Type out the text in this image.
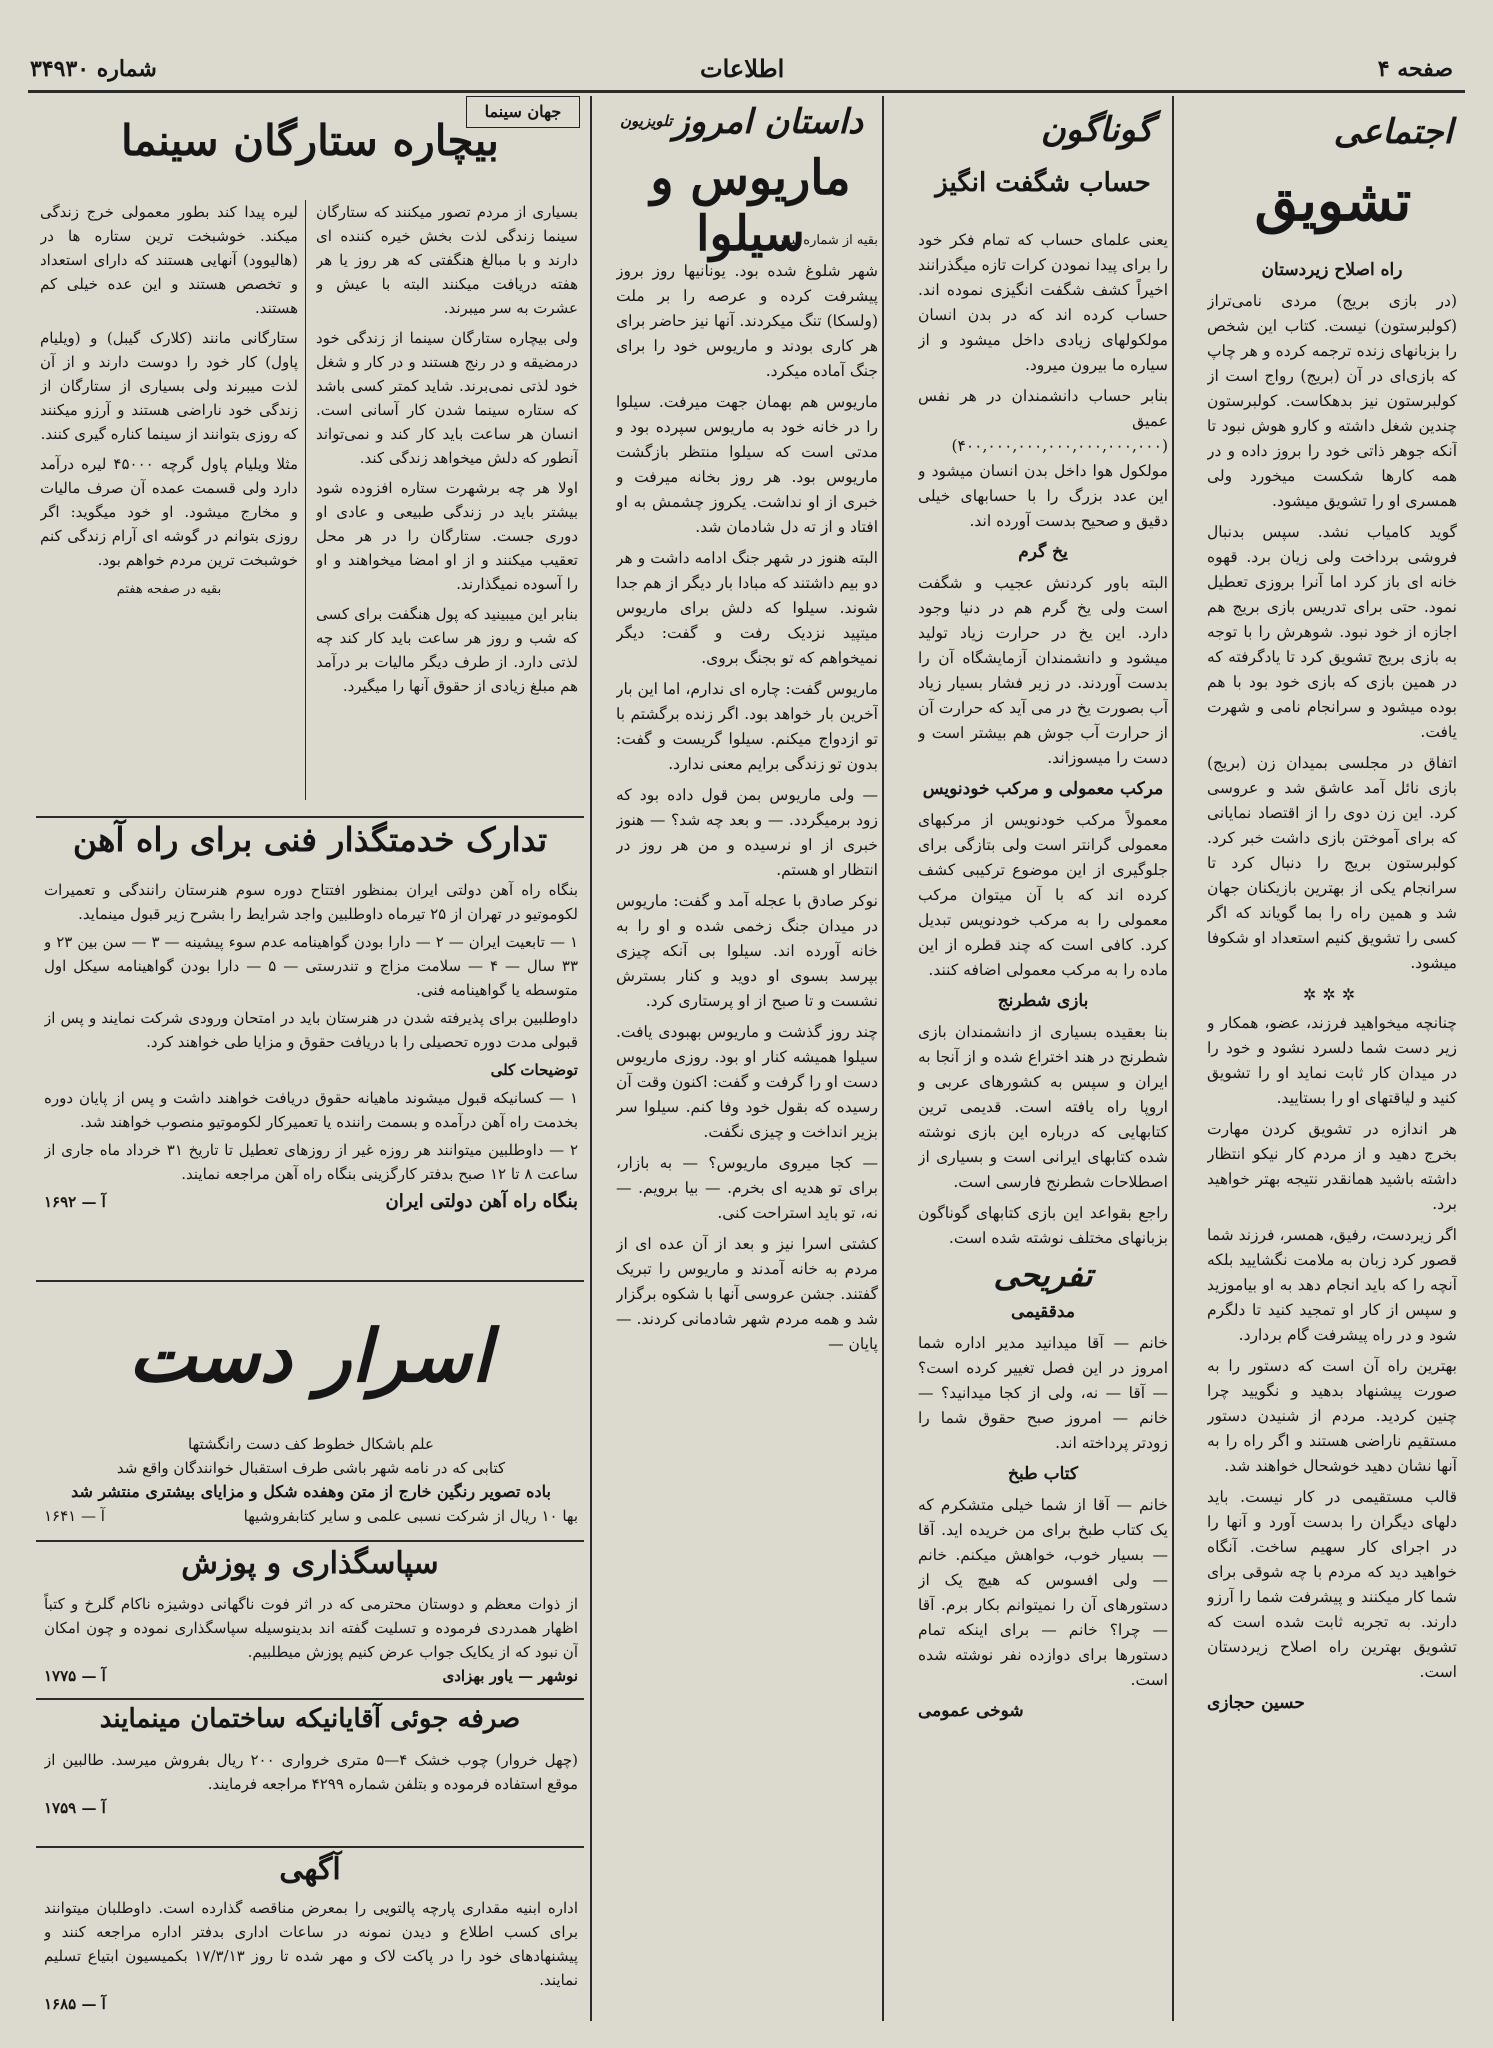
صفحه ۴
اطلاعات
شماره ۳۴۹۳۰
اجتماعی
تشویق
راه اصلاح زیردستان

(در بازی بریج) مردی نامی‌تراز (کولبرستون) نیست. کتاب این شخص را بزبانهای زنده ترجمه کرده و هر چاپ که بازی‌ای در آن (بریج) رواج است از کولبرستون نیز بدهکاست. کولبرستون چندین شغل داشته و کارو هوش نبود تا آنکه جوهر ذاتی خود را بروز داده و در همه کارها شکست میخورد ولی همسری او را تشویق میشود.

گوید کامیاب نشد. سپس بدنبال فروشی برداخت ولی زیان برد. قهوه خانه ای باز کرد اما آنرا بروزی تعطیل نمود. حتی برای تدریس بازی بریج هم اجازه از خود نبود. شوهرش را با توجه به بازی بریج تشویق کرد تا یادگرفته که در همین بازی که بازی خود بود با هم بوده میشود و سرانجام نامی و شهرت یافت.

اتفاق در مجلسی بمیدان زن (بریج) بازی نائل آمد عاشق شد و عروسی کرد. این زن دوی را از اقتصاد نمایانی که برای آموختن بازی داشت خبر کرد. کولبرستون بریج را دنبال کرد تا سرانجام یکی از بهترین بازیکنان جهان شد و همین راه را بما گویاند که اگر کسی را تشویق کنیم استعداد او شکوفا میشود.

✲✲✲

چنانچه میخواهید فرزند، عضو، همکار و زیر دست شما دلسرد نشود و خود را در میدان کار ثابت نماید او را تشویق کنید و لیاقتهای او را بستایید.

هر اندازه در تشویق کردن مهارت بخرج دهید و از مردم کار نیکو انتظار داشته باشید همانقدر نتیجه بهتر خواهید برد.

اگر زیردست، رفیق، همسر، فرزند شما قصور کرد زبان به ملامت نگشایید بلکه آنچه را که باید انجام دهد به او بیاموزید و سپس از کار او تمجید کنید تا دلگرم شود و در راه پیشرفت گام بردارد.

بهترین راه آن است که دستور را به صورت پیشنهاد بدهید و نگویید چرا چنین کردید. مردم از شنیدن دستور مستقیم ناراضی هستند و اگر راه را به آنها نشان دهید خوشحال خواهند شد.

قالب مستقیمی در کار نیست. باید دلهای دیگران را بدست آورد و آنها را در اجرای کار سهیم ساخت. آنگاه خواهید دید که مردم با چه شوقی برای شما کار میکنند و پیشرفت شما را آرزو دارند. به تجربه ثابت شده است که تشویق بهترین راه اصلاح زیردستان است.

حسین حجازی

گوناگون
حساب شگفت انگیز

یعنی علمای حساب که تمام فکر خود را برای پیدا نمودن کرات تازه میگذرانند اخیراً کشف شگفت انگیزی نموده اند. حساب کرده اند که در بدن انسان مولکولهای زیادی داخل میشود و از سیاره ما بیرون میرود.

بنابر حساب دانشمندان در هر نفس عمیق (۴۰۰,۰۰۰,۰۰۰,۰۰۰,۰۰۰,۰۰۰,۰۰۰) مولکول هوا داخل بدن انسان میشود و این عدد بزرگ را با حسابهای خیلی دقیق و صحیح بدست آورده اند.

یخ گرم

البته باور کردنش عجیب و شگفت است ولی یخ گرم هم در دنیا وجود دارد. این یخ در حرارت زیاد تولید میشود و دانشمندان آزمایشگاه آن را بدست آوردند. در زیر فشار بسیار زیاد آب بصورت یخ در می آید که حرارت آن از حرارت آب جوش هم بیشتر است و دست را میسوزاند.

مرکب معمولی و مرکب خودنویس

معمولاً مرکب خودنویس از مرکبهای معمولی گرانتر است ولی بتازگی برای جلوگیری از این موضوع ترکیبی کشف کرده اند که با آن میتوان مرکب معمولی را به مرکب خودنویس تبدیل کرد. کافی است که چند قطره از این ماده را به مرکب معمولی اضافه کنند.

بازی شطرنج

بنا بعقیده بسیاری از دانشمندان بازی شطرنج در هند اختراع شده و از آنجا به ایران و سپس به کشورهای عربی و اروپا راه یافته است. قدیمی ترین کتابهایی که درباره این بازی نوشته شده کتابهای ایرانی است و بسیاری از اصطلاحات شطرنج فارسی است.

راجع بقواعد این بازی کتابهای گوناگون بزبانهای مختلف نوشته شده است.

تفریحی
مدققیمی

خانم — آقا میدانید مدیر اداره شما امروز در این فصل تغییر کرده است؟ — آقا — نه، ولی از کجا میدانید؟ — خانم — امروز صبح حقوق شما را زودتر پرداخته اند.

کتاب طبخ

خانم — آقا از شما خیلی متشکرم که یک کتاب طبخ برای من خریده اید. آقا — بسیار خوب، خواهش میکنم. خانم — ولی افسوس که هیچ یک از دستورهای آن را نمیتوانم بکار برم. آقا — چرا؟ خانم — برای اینکه تمام دستورها برای دوازده نفر نوشته شده است.

شوخی عمومی

داستان امروز
تلویزیون
ماریوس و سیلوا

بقیه از شماره پیش

شهر شلوغ شده بود. یونانیها روز بروز پیشرفت کرده و عرصه را بر ملت (ولسکا) تنگ میکردند. آنها نیز حاضر برای هر کاری بودند و ماریوس خود را برای جنگ آماده میکرد.

ماریوس هم بهمان جهت میرفت. سیلوا را در خانه خود به ماریوس سپرده بود و مدتی است که سیلوا منتظر بازگشت ماریوس بود. هر روز بخانه میرفت و خبری از او نداشت. یکروز چشمش به او افتاد و از ته دل شادمان شد.

البته هنوز در شهر جنگ ادامه داشت و هر دو بیم داشتند که مبادا بار دیگر از هم جدا شوند. سیلوا که دلش برای ماریوس میتپید نزدیک رفت و گفت: دیگر نمیخواهم که تو بجنگ بروی.

ماریوس گفت: چاره ای ندارم، اما این بار آخرین بار خواهد بود. اگر زنده برگشتم با تو ازدواج میکنم. سیلوا گریست و گفت: بدون تو زندگی برایم معنی ندارد.

— ولی ماریوس بمن قول داده بود که زود برمیگردد. — و بعد چه شد؟ — هنوز خبری از او نرسیده و من هر روز در انتظار او هستم.

نوکر صادق با عجله آمد و گفت: ماریوس در میدان جنگ زخمی شده و او را به خانه آورده اند. سیلوا بی آنکه چیزی بپرسد بسوی او دوید و کنار بسترش نشست و تا صبح از او پرستاری کرد.

چند روز گذشت و ماریوس بهبودی یافت. سیلوا همیشه کنار او بود. روزی ماریوس دست او را گرفت و گفت: اکنون وقت آن رسیده که بقول خود وفا کنم. سیلوا سر بزیر انداخت و چیزی نگفت.

— کجا میروی ماریوس؟ — به بازار، برای تو هدیه ای بخرم. — بیا برویم. — نه، تو باید استراحت کنی.

کشتی اسرا نیز و بعد از آن عده ای از مردم به خانه آمدند و ماریوس را تبریک گفتند. جشن عروسی آنها با شکوه برگزار شد و همه مردم شهر شادمانی کردند. — پایان —

جهان سینما
بیچاره ستارگان سینما

بسیاری از مردم تصور میکنند که ستارگان سینما زندگی لذت بخش خیره کننده ای دارند و با مبالغ هنگفتی که هر روز یا هر هفته دریافت میکنند البته با عیش و عشرت به سر میبرند.

ولی بیچاره ستارگان سینما از زندگی خود درمضیقه و در رنج هستند و در کار و شغل خود لذتی نمی‌برند. شاید کمتر کسی باشد که ستاره سینما شدن کار آسانی است. انسان هر ساعت باید کار کند و نمی‌تواند آنطور که دلش میخواهد زندگی کند.

اولا هر چه برشهرت ستاره افزوده شود بیشتر باید در زندگی طبیعی و عادی او دوری جست. ستارگان را در هر محل تعقیب میکنند و از او امضا میخواهند و او را آسوده نمیگذارند.

بنابر این میبینید که پول هنگفت برای کسی که شب و روز هر ساعت باید کار کند چه لذتی دارد. از طرف دیگر مالیات بر درآمد هم مبلغ زیادی از حقوق آنها را میگیرد.

لیره پیدا کند بطور معمولی خرج زندگی میکند. خوشبخت ترین ستاره ها در (هالیوود) آنهایی هستند که دارای استعداد و تخصص هستند و این عده خیلی کم هستند.

ستارگانی مانند (کلارک گیبل) و (ویلیام پاول) کار خود را دوست دارند و از آن لذت میبرند ولی بسیاری از ستارگان از زندگی خود ناراضی هستند و آرزو میکنند که روزی بتوانند از سینما کناره گیری کنند.

مثلا ویلیام پاول گرچه ۴۵۰۰۰ لیره درآمد دارد ولی قسمت عمده آن صرف مالیات و مخارج میشود. او خود میگوید: اگر روزی بتوانم در گوشه ای آرام زندگی کنم خوشبخت ترین مردم خواهم بود.

بقیه در صفحه هفتم

تدارک خدمتگذار فنی برای راه آهن

بنگاه راه آهن دولتی ایران بمنظور افتتاح دوره سوم هنرستان رانندگی و تعمیرات لکوموتیو در تهران از ۲۵ تیرماه داوطلبین واجد شرایط را بشرح زیر قبول مینماید.

۱ — تابعیت ایران — ۲ — دارا بودن گواهینامه عدم سوء پیشینه — ۳ — سن بین ۲۳ و ۳۳ سال — ۴ — سلامت مزاج و تندرستی — ۵ — دارا بودن گواهینامه سیکل اول متوسطه یا گواهینامه فنی.

داوطلبین برای پذیرفته شدن در هنرستان باید در امتحان ورودی شرکت نمایند و پس از قبولی مدت دوره تحصیلی را با دریافت حقوق و مزایا طی خواهند کرد.

توضیحات کلی

۱ — کسانیکه قبول میشوند ماهیانه حقوق دریافت خواهند داشت و پس از پایان دوره بخدمت راه آهن درآمده و بسمت راننده یا تعمیرکار لکوموتیو منصوب خواهند شد.

۲ — داوطلبین میتوانند هر روزه غیر از روزهای تعطیل تا تاریخ ۳۱ خرداد ماه جاری از ساعت ۸ تا ۱۲ صبح بدفتر کارگزینی بنگاه راه آهن مراجعه نمایند.

بنگاه راه آهن دولتی ایران
آ — ۱۶۹۲
اسرار دست
علم باشکال خطوط کف دست رانگشتها
کتابی که در نامه شهر باشی طرف استقبال خوانندگان واقع شد
باده تصویر رنگین خارج از متن وهفده شکل و مزایای بیشتری منتشر شد
بها ۱۰ ریال از شرکت نسبی علمی و سایر کتابفروشیها
آ — ۱۶۴۱
سپاسگذاری و پوزش

از ذوات معظم و دوستان محترمی که در اثر فوت ناگهانی دوشیزه ناکام گلرخ و کتباً اظهار همدردی فرموده و تسلیت گفته اند بدینوسیله سپاسگذاری نموده و چون امکان آن نبود که از یکایک جواب عرض کنیم پوزش میطلبیم.

نوشهر — یاور بهزادی
آ — ۱۷۷۵
صرفه جوئی آقایانیکه ساختمان مینمایند

(چهل خروار) چوب خشک ۴—۵ متری خرواری ۲۰۰ ریال بفروش میرسد. طالبین از موقع استفاده فرموده و بتلفن شماره ۴۲۹۹ مراجعه فرمایند.

آ — ۱۷۵۹
آگهی

اداره ابنیه مقداری پارچه پالتویی را بمعرض مناقصه گذارده است. داوطلبان میتوانند برای کسب اطلاع و دیدن نمونه در ساعات اداری بدفتر اداره مراجعه کنند و پیشنهادهای خود را در پاکت لاک و مهر شده تا روز ۱۷/۳/۱۳ بکمیسیون ابتیاع تسلیم نمایند.

آ — ۱۶۸۵
